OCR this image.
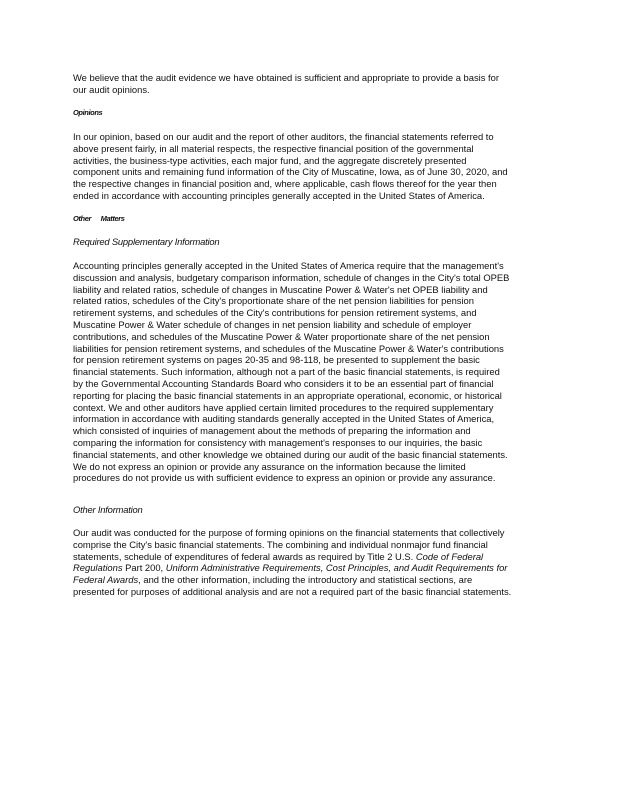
We believe that the audit evidence we have obtained is sufficient and appropriate to provide a basis for
our audit opinions.
Opinions
In our opinion, based on our audit and the report of other auditors, the financial statements referred to
above present fairly, in all material respects, the respective financial position of the governmental
activities, the business-type activities, each major fund, and the aggregate discretely presented
component units and remaining fund information of the City of Muscatine, Iowa, as of June 30, 2020, and
the respective changes in financial position and, where applicable, cash flows thereof for the year then
ended in accordance with accounting principles generally accepted in the United States of America.
Other Matters
Required Supplementary Information
Accounting principles generally accepted in the United States of America require that the management's
discussion and analysis, budgetary comparison information, schedule of changes in the City's total OPEB
liability and related ratios, schedule of changes in Muscatine Power & Water's net OPEB liability and
related ratios, schedules of the City's proportionate share of the net pension liabilities for pension
retirement systems, and schedules of the City's contributions for pension retirement systems, and
Muscatine Power & Water schedule of changes in net pension liability and schedule of employer
contributions, and schedules of the Muscatine Power & Water proportionate share of the net pension
liabilities for pension retirement systems, and schedules of the Muscatine Power & Water's contributions
for pension retirement systems on pages 20-35 and 98-118, be presented to supplement the basic
financial statements. Such information, although not a part of the basic financial statements, is required
by the Governmental Accounting Standards Board who considers it to be an essential part of financial
reporting for placing the basic financial statements in an appropriate operational, economic, or historical
context. We and other auditors have applied certain limited procedures to the required supplementary
information in accordance with auditing standards generally accepted in the United States of America,
which consisted of inquiries of management about the methods of preparing the information and
comparing the information for consistency with management's responses to our inquiries, the basic
financial statements, and other knowledge we obtained during our audit of the basic financial statements.
We do not express an opinion or provide any assurance on the information because the limited
procedures do not provide us with sufficient evidence to express an opinion or provide any assurance.
Other Information
Our audit was conducted for the purpose of forming opinions on the financial statements that collectively
comprise the City's basic financial statements. The combining and individual nonmajor fund financial
statements, schedule of expenditures of federal awards as required by Title 2 U.S. Code of Federal
Regulations Part 200, Uniform Administrative Requirements, Cost Principles, and Audit Requirements for
Federal Awards, and the other information, including the introductory and statistical sections, are
presented for purposes of additional analysis and are not a required part of the basic financial statements.
